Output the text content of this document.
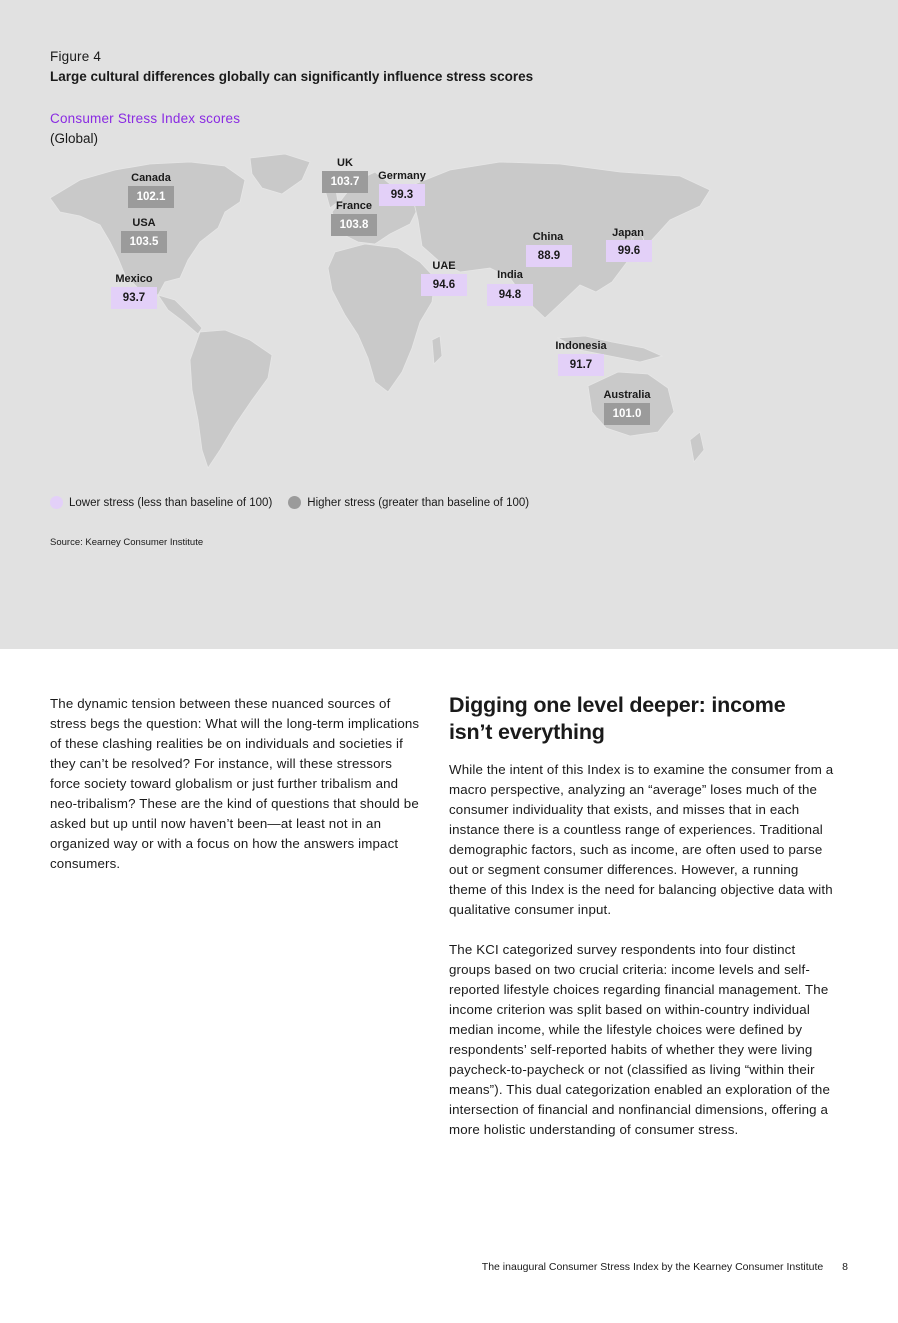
Figure 4
Large cultural differences globally can significantly influence stress scores
Consumer Stress Index scores
(Global)
Canada
102.1
USA
103.5
Mexico
93.7
UK
103.7	Germany
99.3
France
103.8
UAE
94.6
India
94.8
China
88.9
Japan
99.6
Indonesia
91.7
Australia
101.0
Lower stress (less than baseline of 100)	Higher stress (greater than baseline of 100)
Source: Kearney Consumer Institute
The dynamic tension between these nuanced sources of stress begs the question: What will the long-term implications of these clashing realities be on individuals and societies if they can’t be resolved? For instance, will these stressors force society toward globalism or just further tribalism and neo-tribalism? These are the kind of questions that should be asked but up until now haven’t been—at least not in an organized way or with a focus on how the answers impact consumers.
Digging one level deeper: income isn’t everything

While the intent of this Index is to examine the consumer from a macro perspective, analyzing an “average” loses much of the consumer individuality that exists, and misses that in each instance there is a countless range of experiences. Traditional demographic factors, such as income, are often used to parse out or segment consumer differences. However, a running theme of this Index is the need for balancing objective data with qualitative consumer input.

The KCI categorized survey respondents into four distinct groups based on two crucial criteria: income levels and self-reported lifestyle choices regarding financial management. The income criterion was split based on within-country individual median income, while the lifestyle choices were defined by respondents’ self-reported habits of whether they were living paycheck-to-paycheck or not (classified as living “within their means”). This dual categorization enabled an exploration of the intersection of financial and nonfinancial dimensions, offering a more holistic understanding of consumer stress.

The inaugural Consumer Stress Index by the Kearney Consumer Institute 8
